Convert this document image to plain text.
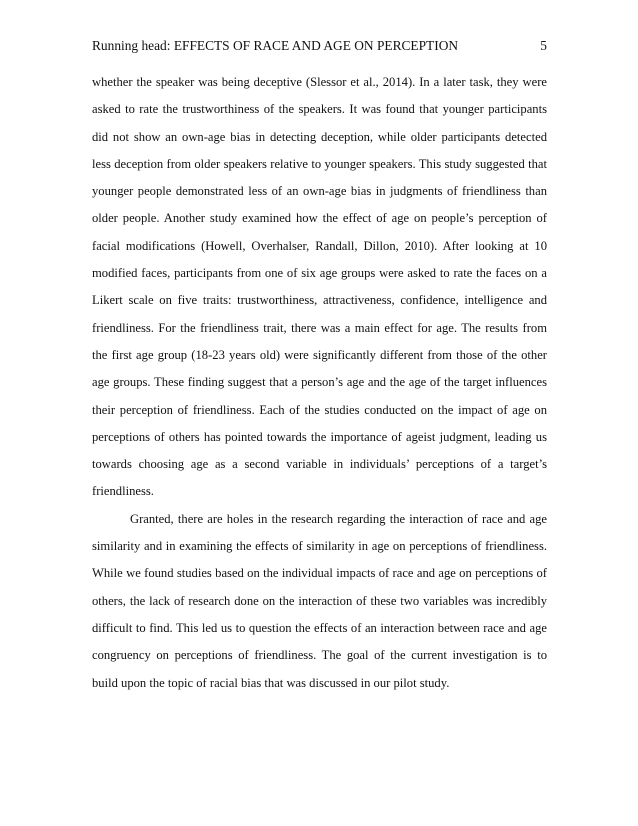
Running head: EFFECTS OF RACE AND AGE ON PERCEPTION	5
whether the speaker was being deceptive (Slessor et al., 2014). In a later task, they were
asked to rate the trustworthiness of the speakers. It was found that younger participants
did not show an own-age bias in detecting deception, while older participants detected
less deception from older speakers relative to younger speakers. This study suggested that
younger people demonstrated less of an own-age bias in judgments of friendliness than
older people. Another study examined how the effect of age on people’s perception of
facial modifications (Howell, Overhalser, Randall, Dillon, 2010). After looking at 10
modified faces, participants from one of six age groups were asked to rate the faces on a
Likert scale on five traits: trustworthiness, attractiveness, confidence, intelligence and
friendliness. For the friendliness trait, there was a main effect for age. The results from
the first age group (18-23 years old) were significantly different from those of the other
age groups. These finding suggest that a person’s age and the age of the target influences
their perception of friendliness. Each of the studies conducted on the impact of age on
perceptions of others has pointed towards the importance of ageist judgment, leading us
towards choosing age as a second variable in individuals’ perceptions of a target’s
friendliness.
Granted, there are holes in the research regarding the interaction of race and age
similarity and in examining the effects of similarity in age on perceptions of friendliness.
While we found studies based on the individual impacts of race and age on perceptions of
others, the lack of research done on the interaction of these two variables was incredibly
difficult to find. This led us to question the effects of an interaction between race and age
congruency on perceptions of friendliness. The goal of the current investigation is to
build upon the topic of racial bias that was discussed in our pilot study.
